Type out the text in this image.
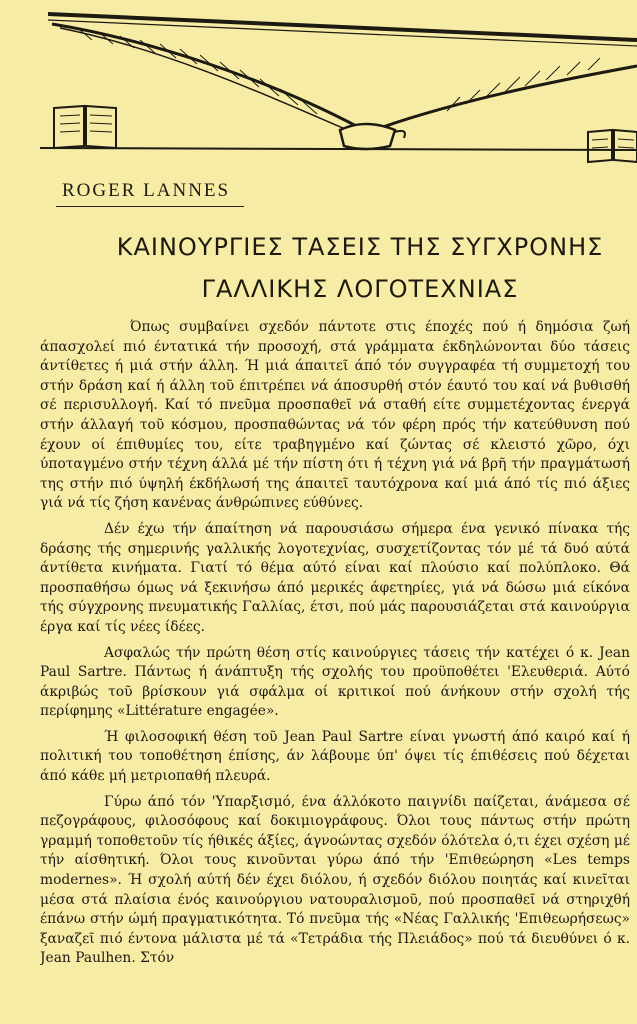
ROGER LANNES

ΚΑΙΝΟΥΡΓΙΕΣ ΤΑΣΕΙΣ ΤΗΣ ΣΥΓΧΡΟΝΗΣ
ΓΑΛΛΙΚΗΣ ΛΟΓΟΤΕΧΝΙΑΣ

Όπως συμβαίνει σχεδόν πάντοτε στις έποχές πού ή δημόσια ζωή άπασχολεί πιό έντατικά τήν προσοχή, στά γράμματα έκδηλώνονται δύο τάσεις άντίθετες ή μιά στήν άλλη. Ή μιά άπαιτεῖ άπό τόν συγγραφέα τή συμμετοχή του στήν δράση καί ή άλλη τοῦ έπιτρέπει νά άποσυρθή στόν έαυτό του καί νά βυθισθή σέ περισυλλογή. Καί τό πνεῦμα προσπαθεῖ νά σταθή είτε συμμετέχοντας ένεργά στήν άλλαγή τοῦ κόσμου, προσπαθώντας νά τόν φέρη πρός τήν κατεύθυνση πού έχουν οί έπιθυμίες του, είτε τραβηγμένο καί ζώντας σέ κλειστό χῶρο, όχι ύποταγμένο στήν τέχνη άλλά μέ τήν πίστη ότι ή τέχνη γιά νά βρῆ τήν πραγμάτωσή της στήν πιό ύψηλή έκδήλωσή της άπαιτεῖ ταυτόχρονα καί μιά άπό τίς πιό άξιες γιά νά τίς ζήση κανένας άνθρώπινες εύθύνες.

Δέν έχω τήν άπαίτηση νά παρουσιάσω σήμερα ένα γενικό πίνακα τής δράσης τής σημερινής γαλλικής λογοτεχνίας, συσχετίζοντας τόν μέ τά δυό αύτά άντίθετα κινήματα. Γιατί τό θέμα αύτό είναι καί πλούσιο καί πολύπλοκο. Θά προσπαθήσω όμως νά ξεκινήσω άπό μερικές άφετηρίες, γιά νά δώσω μιά είκόνα τής σύγχρονης πνευματικής Γαλλίας, έτσι, πού μάς παρουσιάζεται στά καινούργια έργα καί τίς νέες ίδέες.

Ασφαλώς τήν πρώτη θέση στίς καινούργιες τάσεις τήν κατέχει ό κ. Jean Paul Sartre. Πάντως ή άνάπτυξη τής σχολής του προϋποθέτει 'Ελευθεριά. Αύτό άκριβώς τοῦ βρίσκουν γιά σφάλμα οί κριτικοί πού άνήκουν στήν σχολή τής περίφημης «Littérature engagée».

Ή φιλοσοφική θέση τοῦ Jean Paul Sartre είναι γνωστή άπό καιρό καί ή πολιτική του τοποθέτηση έπίσης, άν λάβουμε ύπ' όψει τίς έπιθέσεις πού δέχεται άπό κάθε μή μετριοπαθή πλευρά.

Γύρω άπό τόν 'Υπαρξισμό, ένα άλλόκοτο παιγνίδι παίζεται, άνάμεσα σέ πεζογράφους, φιλοσόφους καί δοκιμιογράφους. Όλοι τους πάντως στήν πρώτη γραμμή τοποθετοῦν τίς ήθικές άξίες, άγνοώντας σχεδόν όλότελα ό,τι έχει σχέση μέ τήν αίσθητική. Όλοι τους κινοῦνται γύρω άπό τήν 'Επιθεώρηση «Les temps modernes». Ή σχολή αύτή δέν έχει διόλου, ή σχεδόν διόλου ποιητάς καί κινεῖται μέσα στά πλαίσια ένός καινούργιου νατουραλισμοῦ, πού προσπαθεῖ νά στηριχθή έπάνω στήν ώμή πραγματικότητα. Τό πνεῦμα τής «Νέας Γαλλικής 'Επιθεωρήσεως» ξαναζεῖ πιό έντονα μάλιστα μέ τά «Τετράδια τής Πλειάδος» πού τά διευθύνει ό κ. Jean Paulhen. Στόν
